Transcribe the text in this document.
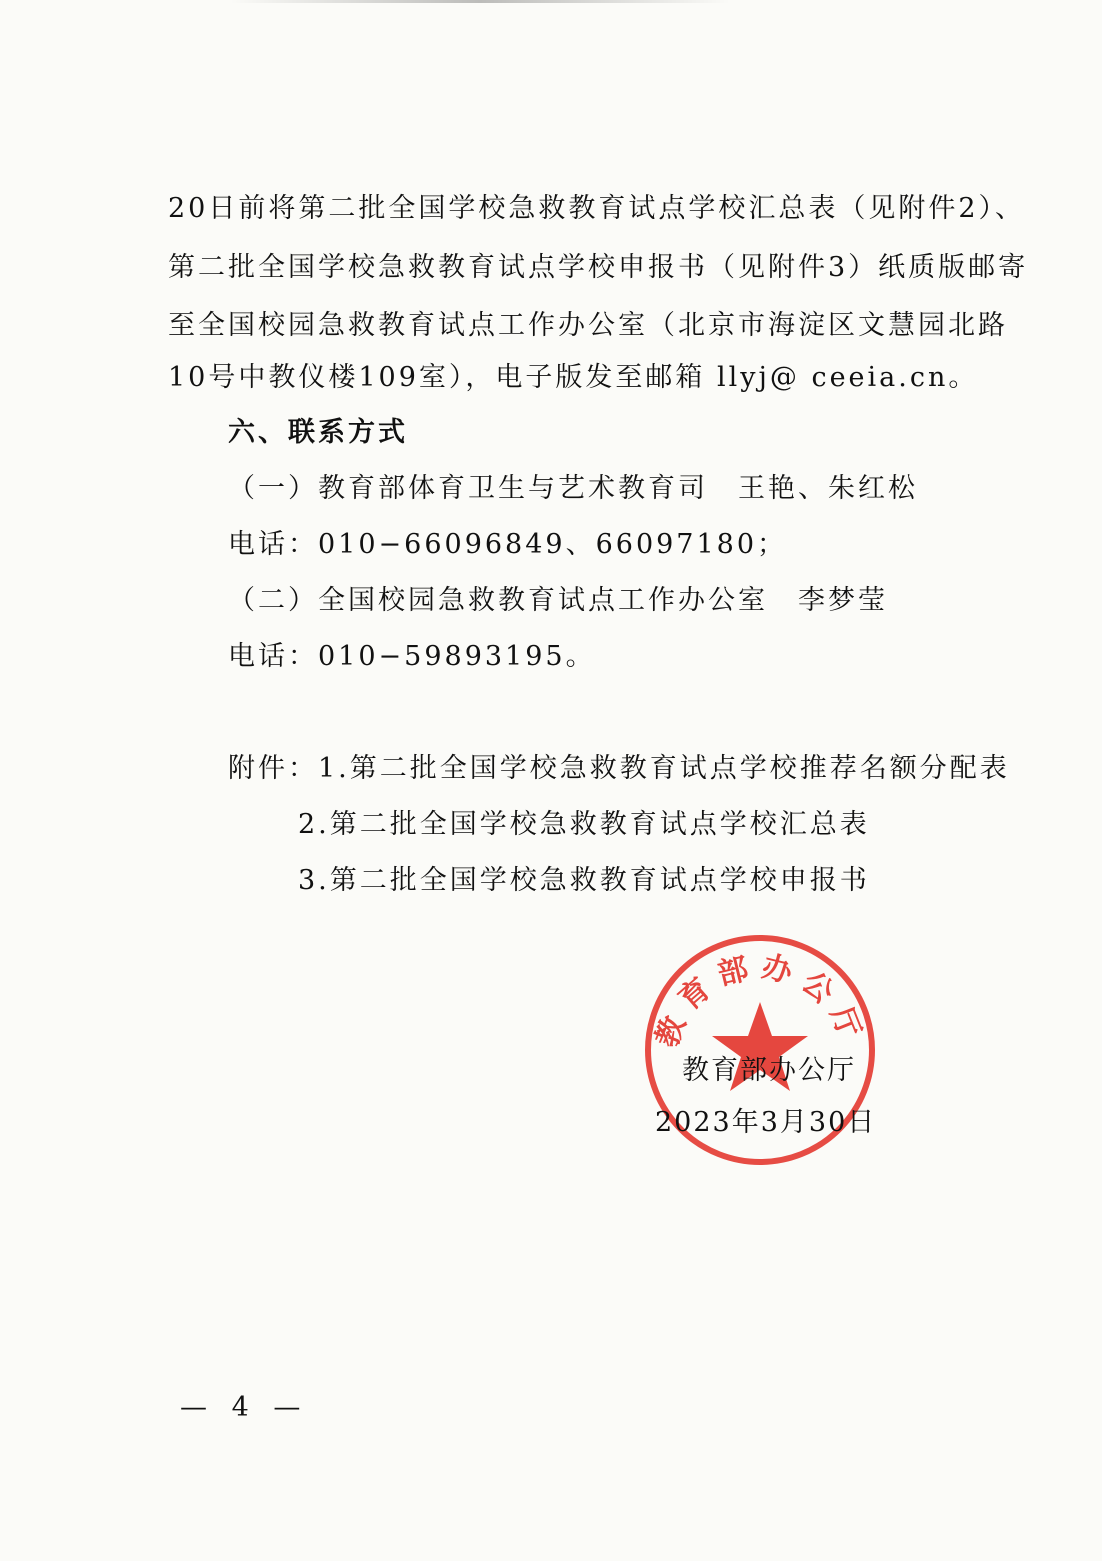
20日前将第二批全国学校急救教育试点学校汇总表（见附件2）、
第二批全国学校急救教育试点学校申报书（见附件3）纸质版邮寄
至全国校园急救教育试点工作办公室（北京市海淀区文慧园北路
10号中教仪楼109室），电子版发至邮箱 llyj@ ceeia.cn。
六、联系方式
（一）教育部体育卫生与艺术教育司　王艳、朱红松
电话：010−66096849、66097180；
（二）全国校园急救教育试点工作办公室　李梦莹
电话：010−59893195。
附件：1.第二批全国学校急救教育试点学校推荐名额分配表
2.第二批全国学校急救教育试点学校汇总表
3.第二批全国学校急救教育试点学校申报书
教育部办公厅
教育部办公厅
2023年3月30日
— 4 —
